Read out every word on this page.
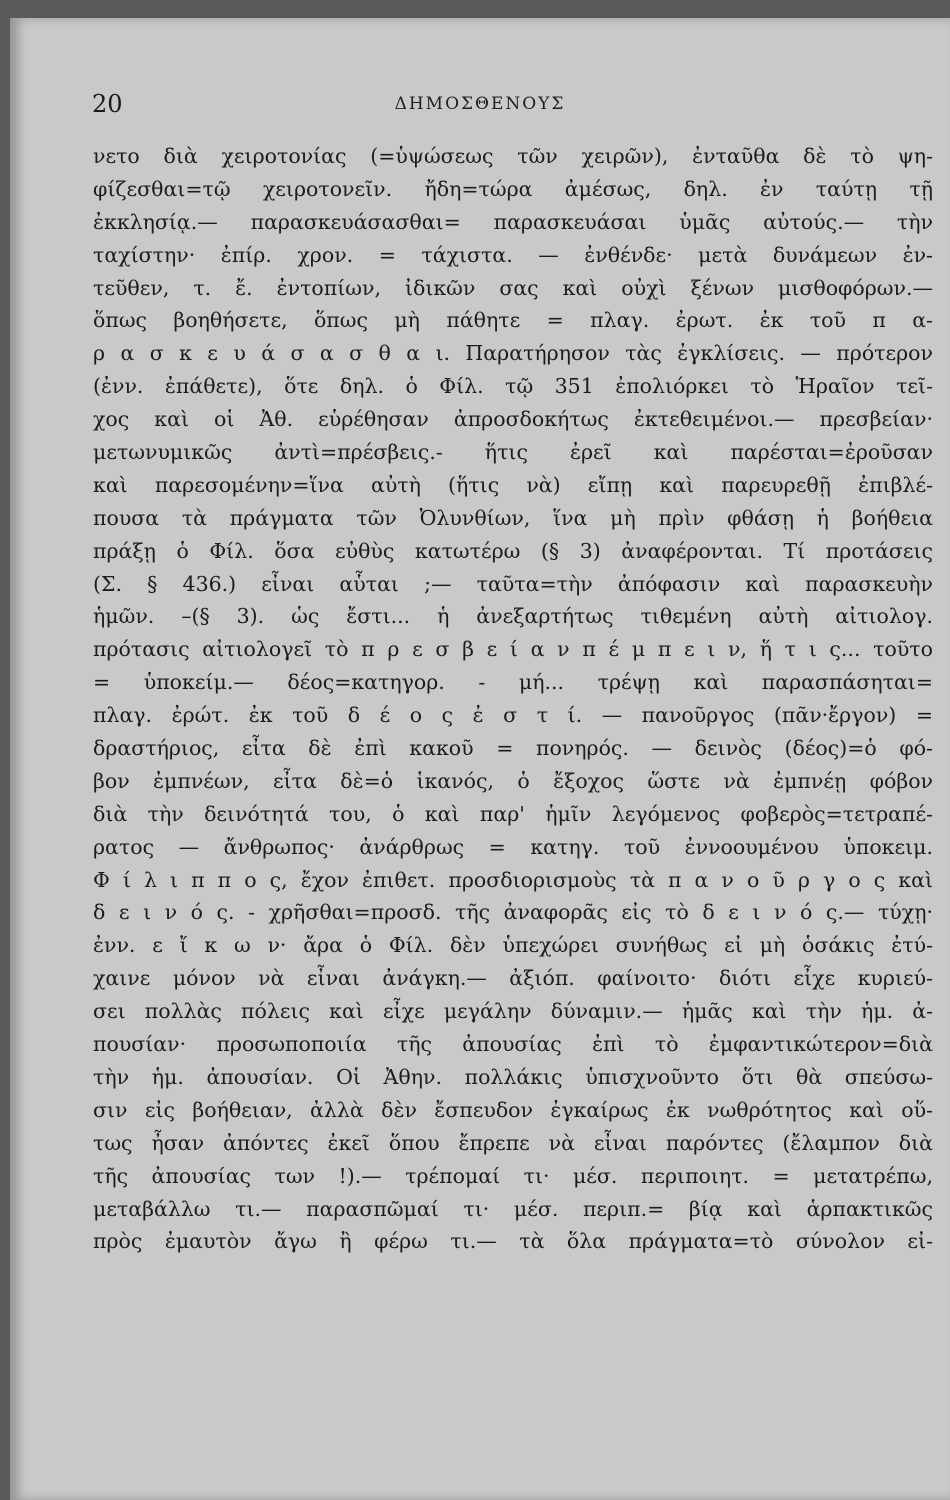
20	ΔΗΜΟΣΘΕΝΟΥΣ
νετο διὰ χειροτονίας (=ὑψώσεως τῶν χειρῶν), ἐνταῦθα δὲ τὸ ψη-
φίζεσθαι=τῷ χειροτονεῖν. ἤδη=τώρα ἀμέσως, δηλ. ἐν ταύτῃ τῇ
ἐκκλησίᾳ.— παρασκευάσασθαι= παρασκευάσαι ὑμᾶς αὐτούς.— τὴν
ταχίστην· ἐπίρ. χρον. = τάχιστα. — ἐνθένδε· μετὰ δυνάμεων ἐν-
τεῦθεν, τ. ἔ. ἐντοπίων, ἰδικῶν σας καὶ οὐχὶ ξένων μισθοφόρων.—
ὅπως βοηθήσετε, ὅπως μὴ πάθητε = πλαγ. ἐρωτ. ἐκ τοῦ π α-
ρ α σ κ ε υ ά σ α σ θ α ι. Παρατήρησον τὰς ἐγκλίσεις. — πρότερον
(ἐνν. ἐπάθετε), ὅτε δηλ. ὁ Φίλ. τῷ 351 ἐπολιόρκει τὸ Ἡραῖον τεῖ-
χος καὶ οἱ Ἀθ. εὑρέθησαν ἀπροσδοκήτως ἐκτεθειμένοι.— πρεσβείαν·
μετωνυμικῶς ἀντὶ=πρέσβεις.- ἥτις ἐρεῖ καὶ παρέσται=ἐροῦσαν
καὶ παρεσομένην=ἵνα αὐτὴ (ἥτις νὰ) εἴπῃ καὶ παρευρεθῇ ἐπιβλέ-
πουσα τὰ πράγματα τῶν Ὀλυνθίων, ἵνα μὴ πρὶν φθάσῃ ἡ βοήθεια
πράξῃ ὁ Φίλ. ὅσα εὐθὺς κατωτέρω (§ 3) ἀναφέρονται. Τί προτάσεις
(Σ. § 436.) εἶναι αὗται ;— ταῦτα=τὴν ἀπόφασιν καὶ παρασκευὴν
ἡμῶν. –(§ 3). ὡς ἔστι... ἡ ἀνεξαρτήτως τιθεμένη αὐτὴ αἰτιολογ.
πρότασις αἰτιολογεῖ τὸ π ρ ε σ β ε ί α ν π έ μ π ε ι ν, ἥ τ ι ς... τοῦτο
= ὑποκείμ.— δέος=κατηγορ. - μή... τρέψῃ καὶ παρασπάσηται=
πλαγ. ἐρώτ. ἐκ τοῦ δ έ ο ς ἐ σ τ ί. — πανοῦργος (πᾶν·ἔργον) =
δραστήριος, εἶτα δὲ ἐπὶ κακοῦ = πονηρός. — δεινὸς (δέος)=ὁ φό-
βον ἐμπνέων, εἶτα δὲ=ὁ ἱκανός, ὁ ἔξοχος ὥστε νὰ ἐμπνέῃ φόβον
διὰ τὴν δεινότητά του, ὁ καὶ παρ' ἡμῖν λεγόμενος φοβερὸς=τετραπέ-
ρατος — ἄνθρωπος· ἀνάρθρως = κατηγ. τοῦ ἐννοουμένου ὑποκειμ.
Φ ί λ ι π π ο ς, ἔχον ἐπιθετ. προσδιορισμοὺς τὰ π α ν ο ῦ ρ γ ο ς καὶ
δ ε ι ν ό ς. - χρῆσθαι=προσδ. τῆς ἀναφορᾶς εἰς τὸ δ ε ι ν ό ς.— τύχῃ·
ἐνν. ε ἴ κ ω ν· ἄρα ὁ Φίλ. δὲν ὑπεχώρει συνήθως εἰ μὴ ὁσάκις ἐτύ-
χαινε μόνον νὰ εἶναι ἀνάγκη.— ἀξιόπ. φαίνοιτο· διότι εἶχε κυριεύ-
σει πολλὰς πόλεις καὶ εἶχε μεγάλην δύναμιν.— ἡμᾶς καὶ τὴν ἡμ. ἀ-
πουσίαν· προσωποποιία τῆς ἀπουσίας ἐπὶ τὸ ἐμφαντικώτερον=διὰ
τὴν ἡμ. ἀπουσίαν. Οἱ Ἀθην. πολλάκις ὑπισχνοῦντο ὅτι θὰ σπεύσω-
σιν εἰς βοήθειαν, ἀλλὰ δὲν ἔσπευδον ἐγκαίρως ἐκ νωθρότητος καὶ οὕ-
τως ἦσαν ἀπόντες ἐκεῖ ὅπου ἔπρεπε νὰ εἶναι παρόντες (ἔλαμπον διὰ
τῆς ἀπουσίας των !).— τρέπομαί τι· μέσ. περιποιητ. = μετατρέπω,
μεταβάλλω τι.— παρασπῶμαί τι· μέσ. περιπ.= βίᾳ καὶ ἁρπακτικῶς
πρὸς ἐμαυτὸν ἄγω ἢ φέρω τι.— τὰ ὅλα πράγματα=τὸ σύνολον εἰ-
